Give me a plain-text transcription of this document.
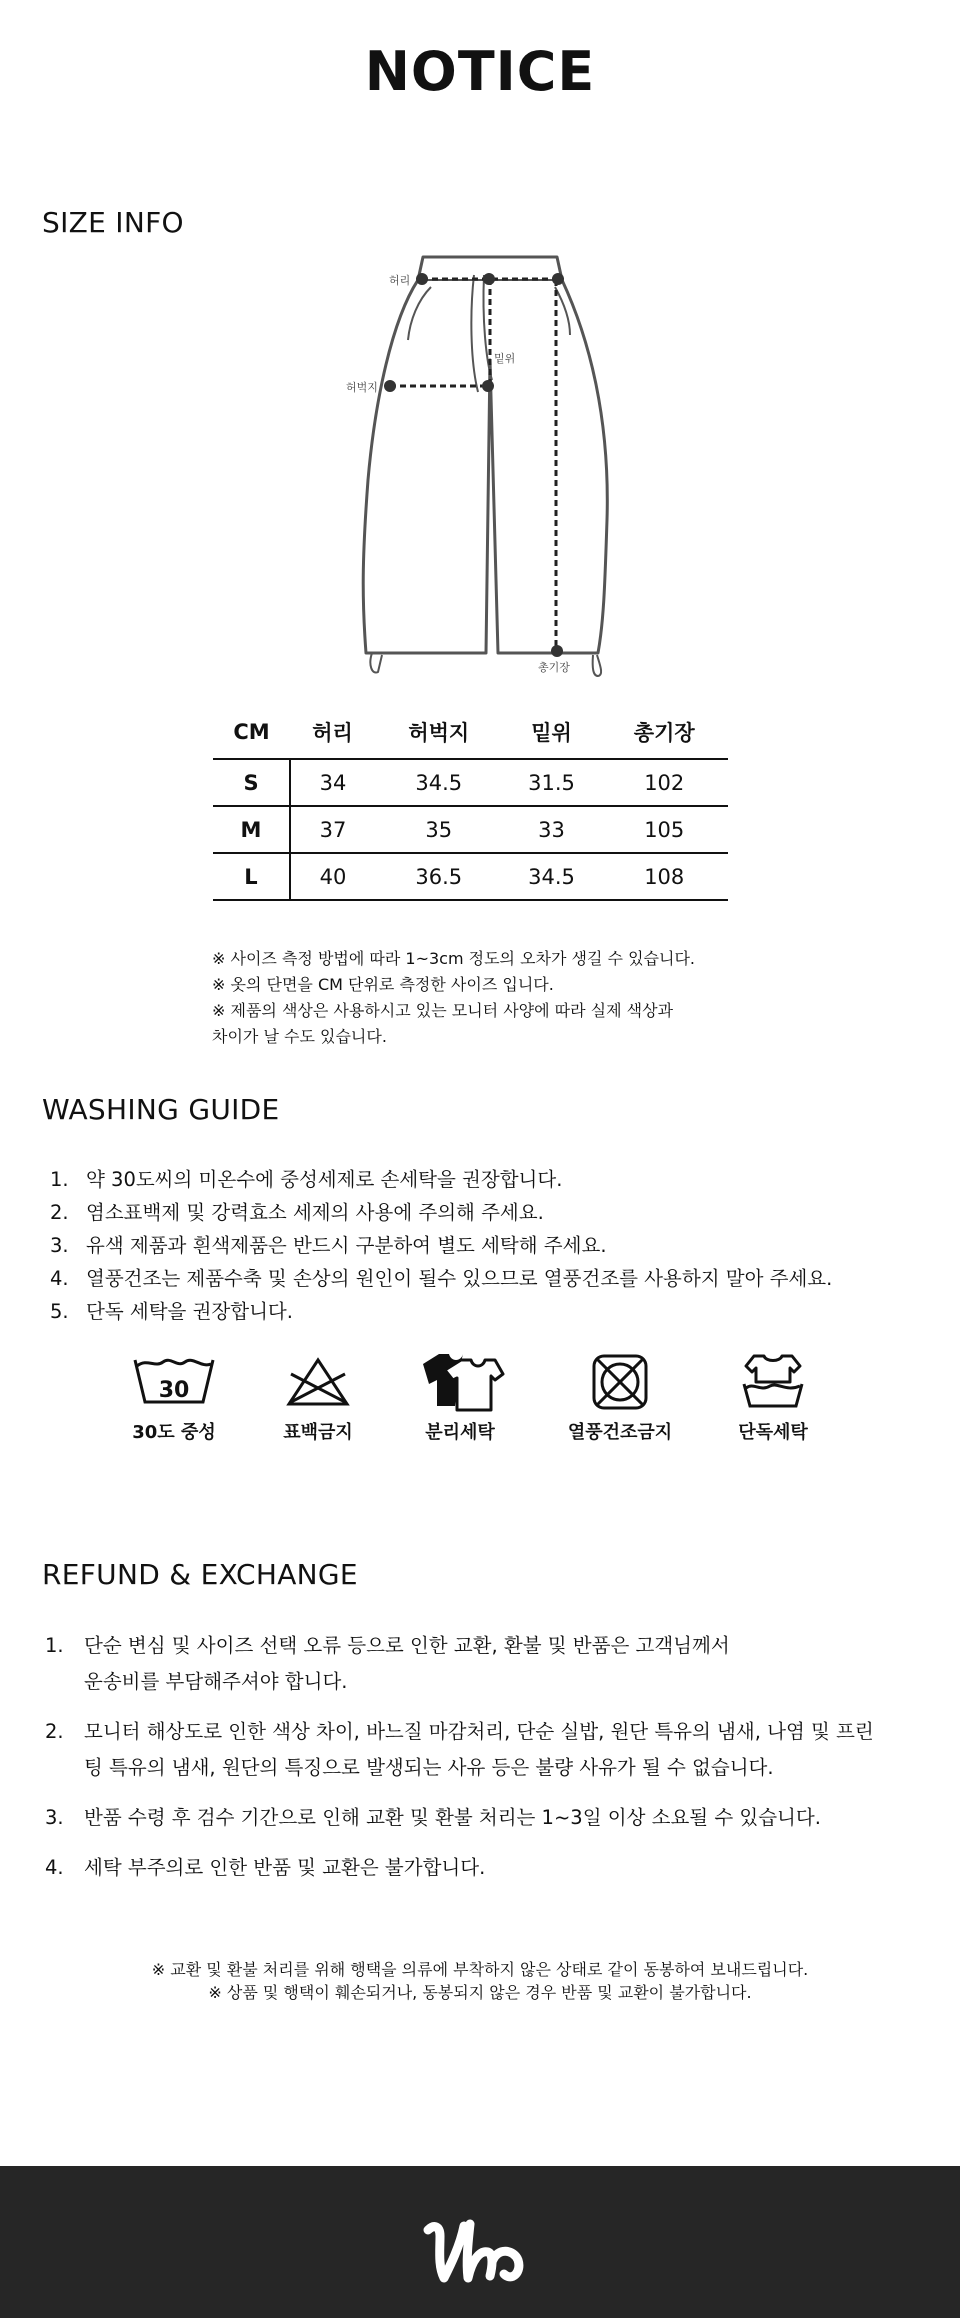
NOTICE
SIZE INFO
허리
밑위
허벅지
총기장
CM	허리	허벅지	밑위	총기장
S	34	34.5	31.5	102
M	37	35	33	105
L	40	36.5	34.5	108
※ 사이즈 측정 방법에 따라 1~3cm 정도의 오차가 생길 수 있습니다.
※ 옷의 단면을 CM 단위로 측정한 사이즈 입니다.
※ 제품의 색상은 사용하시고 있는 모니터 사양에 따라 실제 색상과
차이가 날 수도 있습니다.
WASHING GUIDE
1. 약 30도씨의 미온수에 중성세제로 손세탁을 권장합니다.
2. 염소표백제 및 강력효소 세제의 사용에 주의해 주세요.
3. 유색 제품과 흰색제품은 반드시 구분하여 별도 세탁해 주세요.
4. 열풍건조는 제품수축 및 손상의 원인이 될수 있으므로 열풍건조를 사용하지 말아 주세요.
5. 단독 세탁을 권장합니다.
30
30도 중성	표백금지	분리세탁	열풍건조금지	단독세탁
REFUND & EXCHANGE
1.	단순 변심 및 사이즈 선택 오류 등으로 인한 교환, 환불 및 반품은 고객님께서 운송비를 부담해주셔야 합니다.
2.	모니터 해상도로 인한 색상 차이, 바느질 마감처리, 단순 실밥, 원단 특유의 냄새, 나염 및 프린팅 특유의 냄새, 원단의 특징으로 발생되는 사유 등은 불량 사유가 될 수 없습니다.
3.	반품 수령 후 검수 기간으로 인해 교환 및 환불 처리는 1~3일 이상 소요될 수 있습니다.
4.	세탁 부주의로 인한 반품 및 교환은 불가합니다.
※ 교환 및 환불 처리를 위해 행택을 의류에 부착하지 않은 상태로 같이 동봉하여 보내드립니다.
※ 상품 및 행택이 훼손되거나, 동봉되지 않은 경우 반품 및 교환이 불가합니다.
